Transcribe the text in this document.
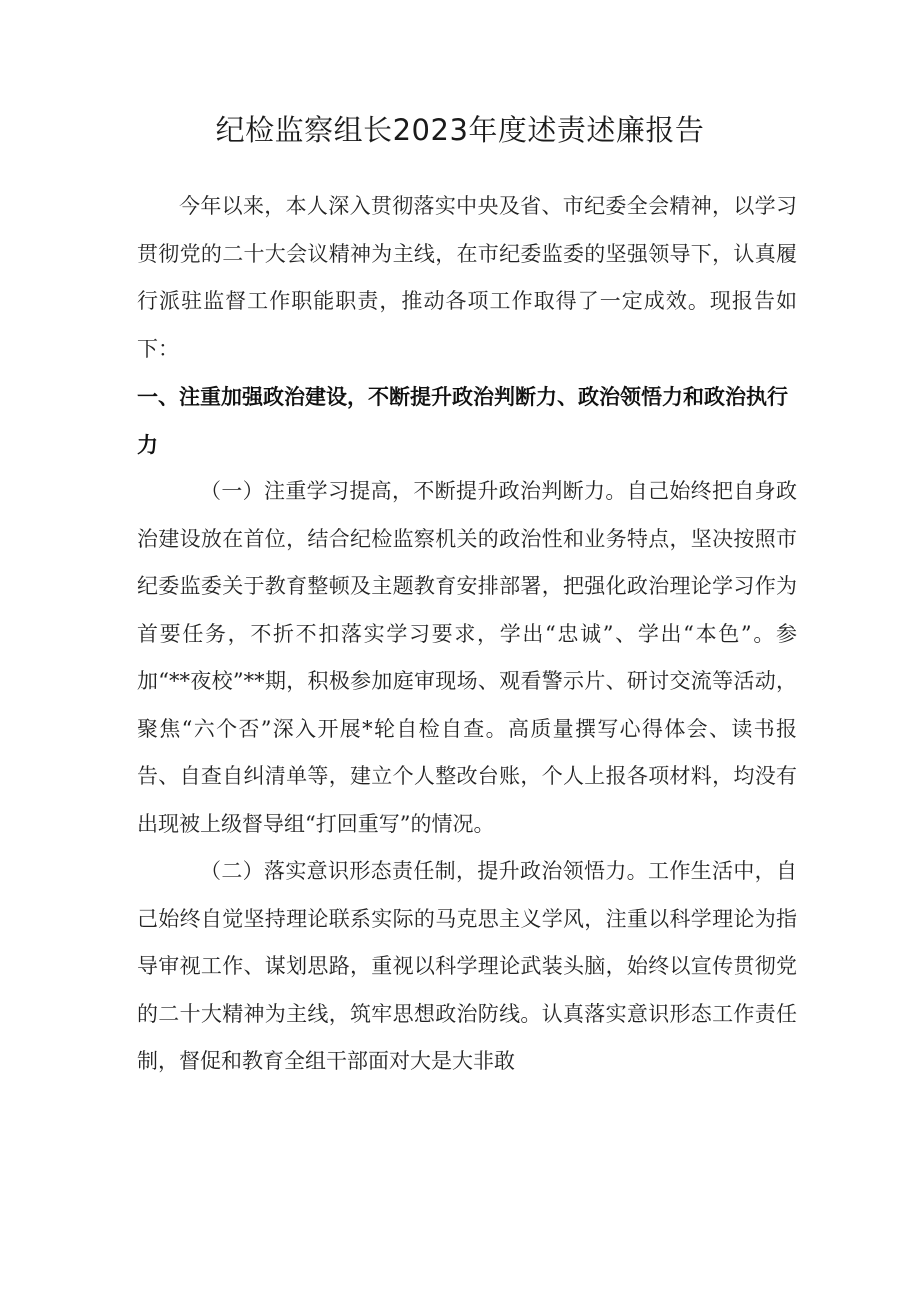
纪检监察组长2023年度述责述廉报告

今年以来，本人深入贯彻落实中央及省、市纪委全会精神，以学习贯彻党的二十大会议精神为主线，在市纪委监委的坚强领导下，认真履行派驻监督工作职能职责，推动各项工作取得了一定成效。现报告如下：

一、注重加强政治建设，不断提升政治判断力、政治领悟力和政治执行力

（一）注重学习提高，不断提升政治判断力。自己始终把自身政治建设放在首位，结合纪检监察机关的政治性和业务特点，坚决按照市纪委监委关于教育整顿及主题教育安排部署，把强化政治理论学习作为首要任务，不折不扣落实学习要求，学出“忠诚”、学出“本色”。参加“**夜校”**期，积极参加庭审现场、观看警示片、研讨交流等活动，聚焦“六个否”深入开展*轮自检自查。高质量撰写心得体会、读书报告、自查自纠清单等，建立个人整改台账，个人上报各项材料，均没有出现被上级督导组“打回重写”的情况。

（二）落实意识形态责任制，提升政治领悟力。工作生活中，自己始终自觉坚持理论联系实际的马克思主义学风，注重以科学理论为指导审视工作、谋划思路，重视以科学理论武装头脑，始终以宣传贯彻党的二十大精神为主线，筑牢思想政治防线。认真落实意识形态工作责任制，督促和教育全组干部面对大是大非敢
